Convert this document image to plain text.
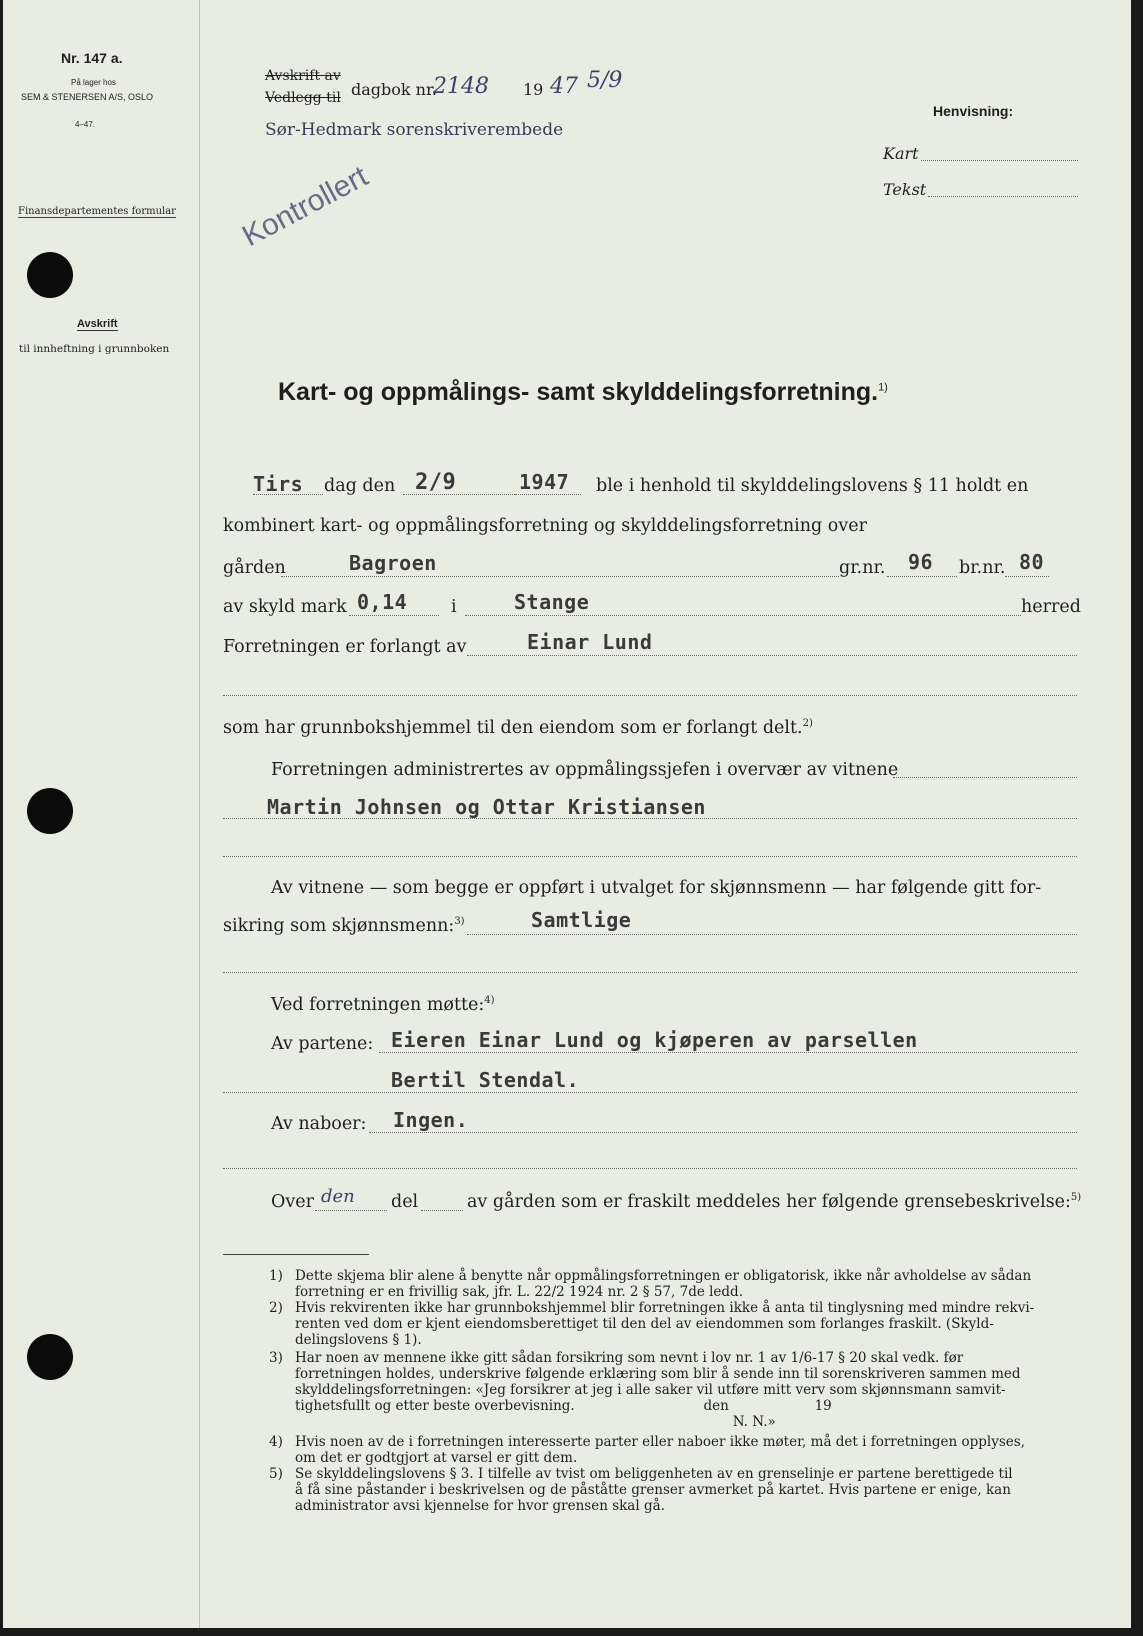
Nr. 147 a.
På lager hos
SEM & STENERSEN A/S, OSLO
4–47.
Finansdepartementes formular
Avskrift
til innheftning i grunnboken
Avskrift av
Vedlegg til dagbok nr.
2148 19 47 5/9
Sør-Hedmark sorenskriverembede
Kontrollert
Henvisning:
Kart
Tekst
Kart- og oppmålings- samt skylddelingsforretning.$^{1)}$
Tirs dag den 2/9	1947 ble i henhold til skylddelingslovens § 11 holdt en
kombinert kart- og oppmålingsforretning og skylddelingsforretning over
gården	Bagroen	gr.nr. 96 br.nr. 80
av skyld mark 0,14	i	Stange	herred
Forretningen er forlangt av	Einar Lund
som har grunnbokshjemmel til den eiendom som er forlangt delt.$^{2)}$
Forretningen administrertes av oppmålingssjefen i overvær av vitnene
Martin Johnsen og Ottar Kristiansen
Av vitnene — som begge er oppført i utvalget for skjønnsmenn — har følgende gitt for-
sikring som skjønnsmenn:$^{3)}$	Samtlige
Ved forretningen møtte:$^{4)}$
Av partene: Eieren Einar Lund og kjøperen av parsellen
Bertil Stendal.
Av naboer: Ingen.
Over den del	av gården som er fraskilt meddeles her følgende grensebeskrivelse:$^{5)}$
1) Dette skjema blir alene å benytte når oppmålingsforretningen er obligatorisk, ikke når avholdelse av sådan
forretning er en frivillig sak, jfr. L. 22/2 1924 nr. 2 § 57, 7de ledd.
2) Hvis rekvirenten ikke har grunnbokshjemmel blir forretningen ikke å anta til tinglysning med mindre rekvi-
renten ved dom er kjent eiendomsberettiget til den del av eiendommen som forlanges fraskilt. (Skyld-
delingslovens § 1).
3) Har noen av mennene ikke gitt sådan forsikring som nevnt i lov nr. 1 av 1/6-17 § 20 skal vedk. før
forretningen holdes, underskrive følgende erklæring som blir å sende inn til sorenskriveren sammen med
skylddelingsforretningen: «Jeg forsikrer at jeg i alle saker vil utføre mitt verv som skjønnsmann samvit-
tighetsfullt og etter beste overbevisning.                              den                    19
N. N.»
4) Hvis noen av de i forretningen interesserte parter eller naboer ikke møter, må det i forretningen opplyses,
om det er godtgjort at varsel er gitt dem.
5) Se skylddelingslovens § 3. I tilfelle av tvist om beliggenheten av en grenselinje er partene berettigede til
å få sine påstander i beskrivelsen og de påståtte grenser avmerket på kartet. Hvis partene er enige, kan
administrator avsi kjennelse for hvor grensen skal gå.
